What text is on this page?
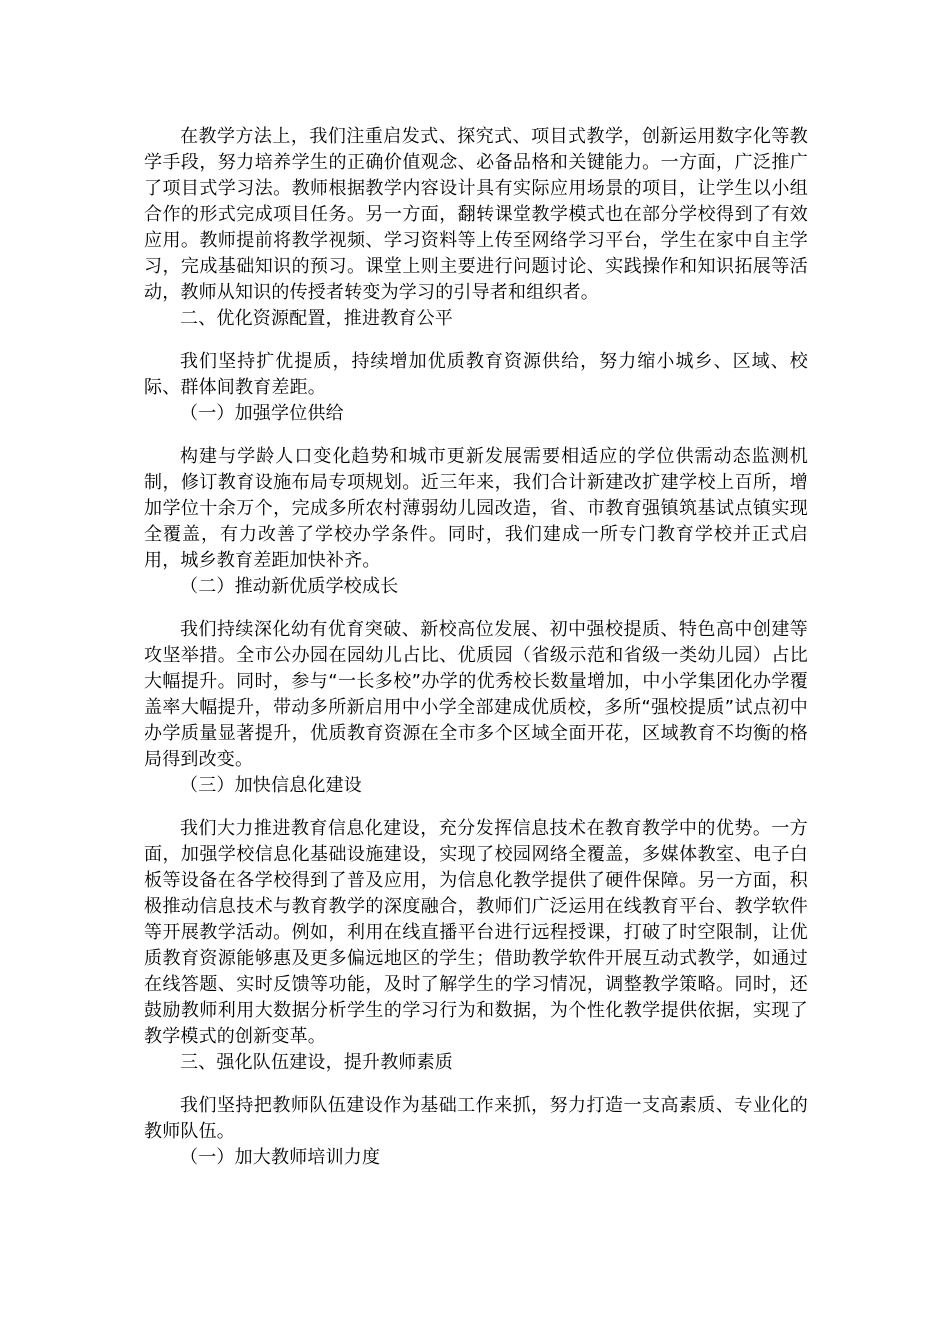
在教学方法上，我们注重启发式、探究式、项目式教学，创新运用数字化等教学手段，努力培养学生的正确价值观念、必备品格和关键能力。一方面，广泛推广了项目式学习法。教师根据教学内容设计具有实际应用场景的项目，让学生以小组合作的形式完成项目任务。另一方面，翻转课堂教学模式也在部分学校得到了有效应用。教师提前将教学视频、学习资料等上传至网络学习平台，学生在家中自主学习，完成基础知识的预习。课堂上则主要进行问题讨论、实践操作和知识拓展等活动，教师从知识的传授者转变为学习的引导者和组织者。

二、优化资源配置，推进教育公平

我们坚持扩优提质，持续增加优质教育资源供给，努力缩小城乡、区域、校际、群体间教育差距。

（一）加强学位供给

构建与学龄人口变化趋势和城市更新发展需要相适应的学位供需动态监测机制，修订教育设施布局专项规划。近三年来，我们合计新建改扩建学校上百所，增加学位十余万个，完成多所农村薄弱幼儿园改造，省、市教育强镇筑基试点镇实现全覆盖，有力改善了学校办学条件。同时，我们建成一所专门教育学校并正式启用，城乡教育差距加快补齐。

（二）推动新优质学校成长

我们持续深化幼有优育突破、新校高位发展、初中强校提质、特色高中创建等攻坚举措。全市公办园在园幼儿占比、优质园（省级示范和省级一类幼儿园）占比大幅提升。同时，参与“一长多校”办学的优秀校长数量增加，中小学集团化办学覆盖率大幅提升，带动多所新启用中小学全部建成优质校，多所“强校提质”试点初中办学质量显著提升，优质教育资源在全市多个区域全面开花，区域教育不均衡的格局得到改变。

（三）加快信息化建设

我们大力推进教育信息化建设，充分发挥信息技术在教育教学中的优势。一方面，加强学校信息化基础设施建设，实现了校园网络全覆盖，多媒体教室、电子白板等设备在各学校得到了普及应用，为信息化教学提供了硬件保障。另一方面，积极推动信息技术与教育教学的深度融合，教师们广泛运用在线教育平台、教学软件等开展教学活动。例如，利用在线直播平台进行远程授课，打破了时空限制，让优质教育资源能够惠及更多偏远地区的学生；借助教学软件开展互动式教学，如通过在线答题、实时反馈等功能，及时了解学生的学习情况，调整教学策略。同时，还鼓励教师利用大数据分析学生的学习行为和数据，为个性化教学提供依据，实现了教学模式的创新变革。

三、强化队伍建设，提升教师素质

我们坚持把教师队伍建设作为基础工作来抓，努力打造一支高素质、专业化的教师队伍。

（一）加大教师培训力度
